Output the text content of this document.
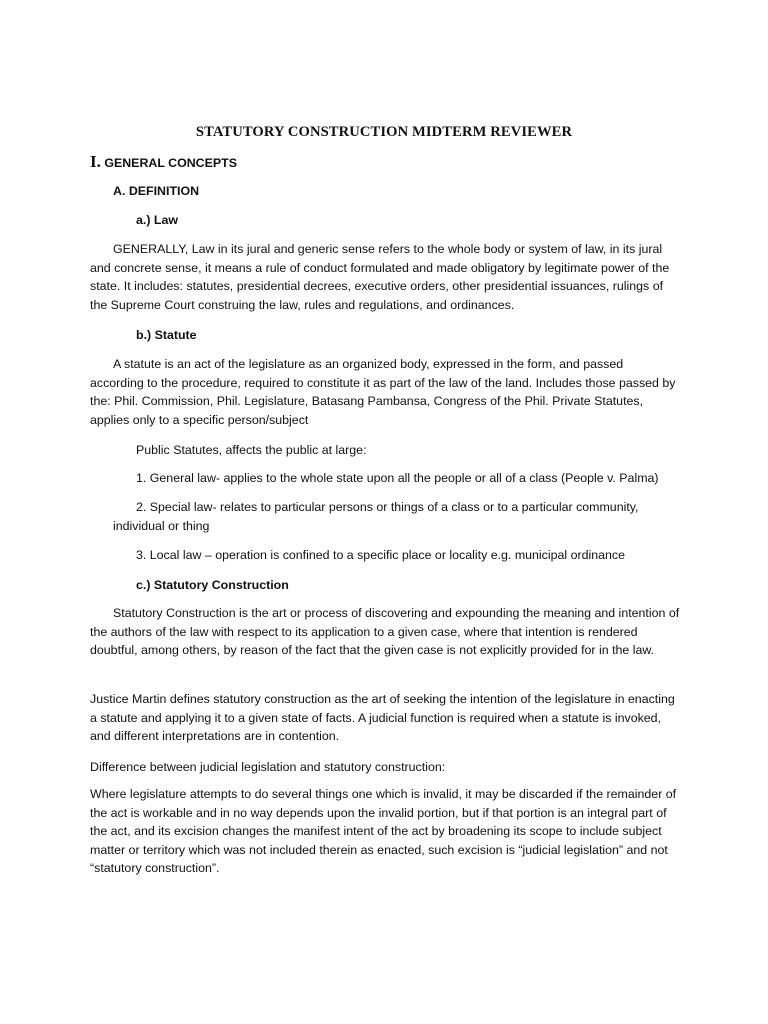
STATUTORY CONSTRUCTION MIDTERM REVIEWER
I. GENERAL CONCEPTS
A. DEFINITION
a.) Law

GENERALLY, Law in its jural and generic sense refers to the whole body or system of law, in its jural and concrete sense, it means a rule of conduct formulated and made obligatory by legitimate power of the state. It includes: statutes, presidential decrees, executive orders, other presidential issuances, rulings of the Supreme Court construing the law, rules and regulations, and ordinances.

b.) Statute

A statute is an act of the legislature as an organized body, expressed in the form, and passed according to the procedure, required to constitute it as part of the law of the land. Includes those passed by the: Phil. Commission, Phil. Legislature, Batasang Pambansa, Congress of the Phil. Private Statutes, applies only to a specific person/subject

Public Statutes, affects the public at large:
1. General law- applies to the whole state upon all the people or all of a class (People v. Palma)

2. Special law- relates to particular persons or things of a class or to a particular community, individual or thing

3. Local law – operation is confined to a specific place or locality e.g. municipal ordinance
c.) Statutory Construction

Statutory Construction is the art or process of discovering and expounding the meaning and intention of the authors of the law with respect to its application to a given case, where that intention is rendered doubtful, among others, by reason of the fact that the given case is not explicitly provided for in the law.

Justice Martin defines statutory construction as the art of seeking the intention of the legislature in enacting a statute and applying it to a given state of facts. A judicial function is required when a statute is invoked, and different interpretations are in contention.

Difference between judicial legislation and statutory construction:

Where legislature attempts to do several things one which is invalid, it may be discarded if the remainder of the act is workable and in no way depends upon the invalid portion, but if that portion is an integral part of the act, and its excision changes the manifest intent of the act by broadening its scope to include subject matter or territory which was not included therein as enacted, such excision is “judicial legislation” and not “statutory construction”.
